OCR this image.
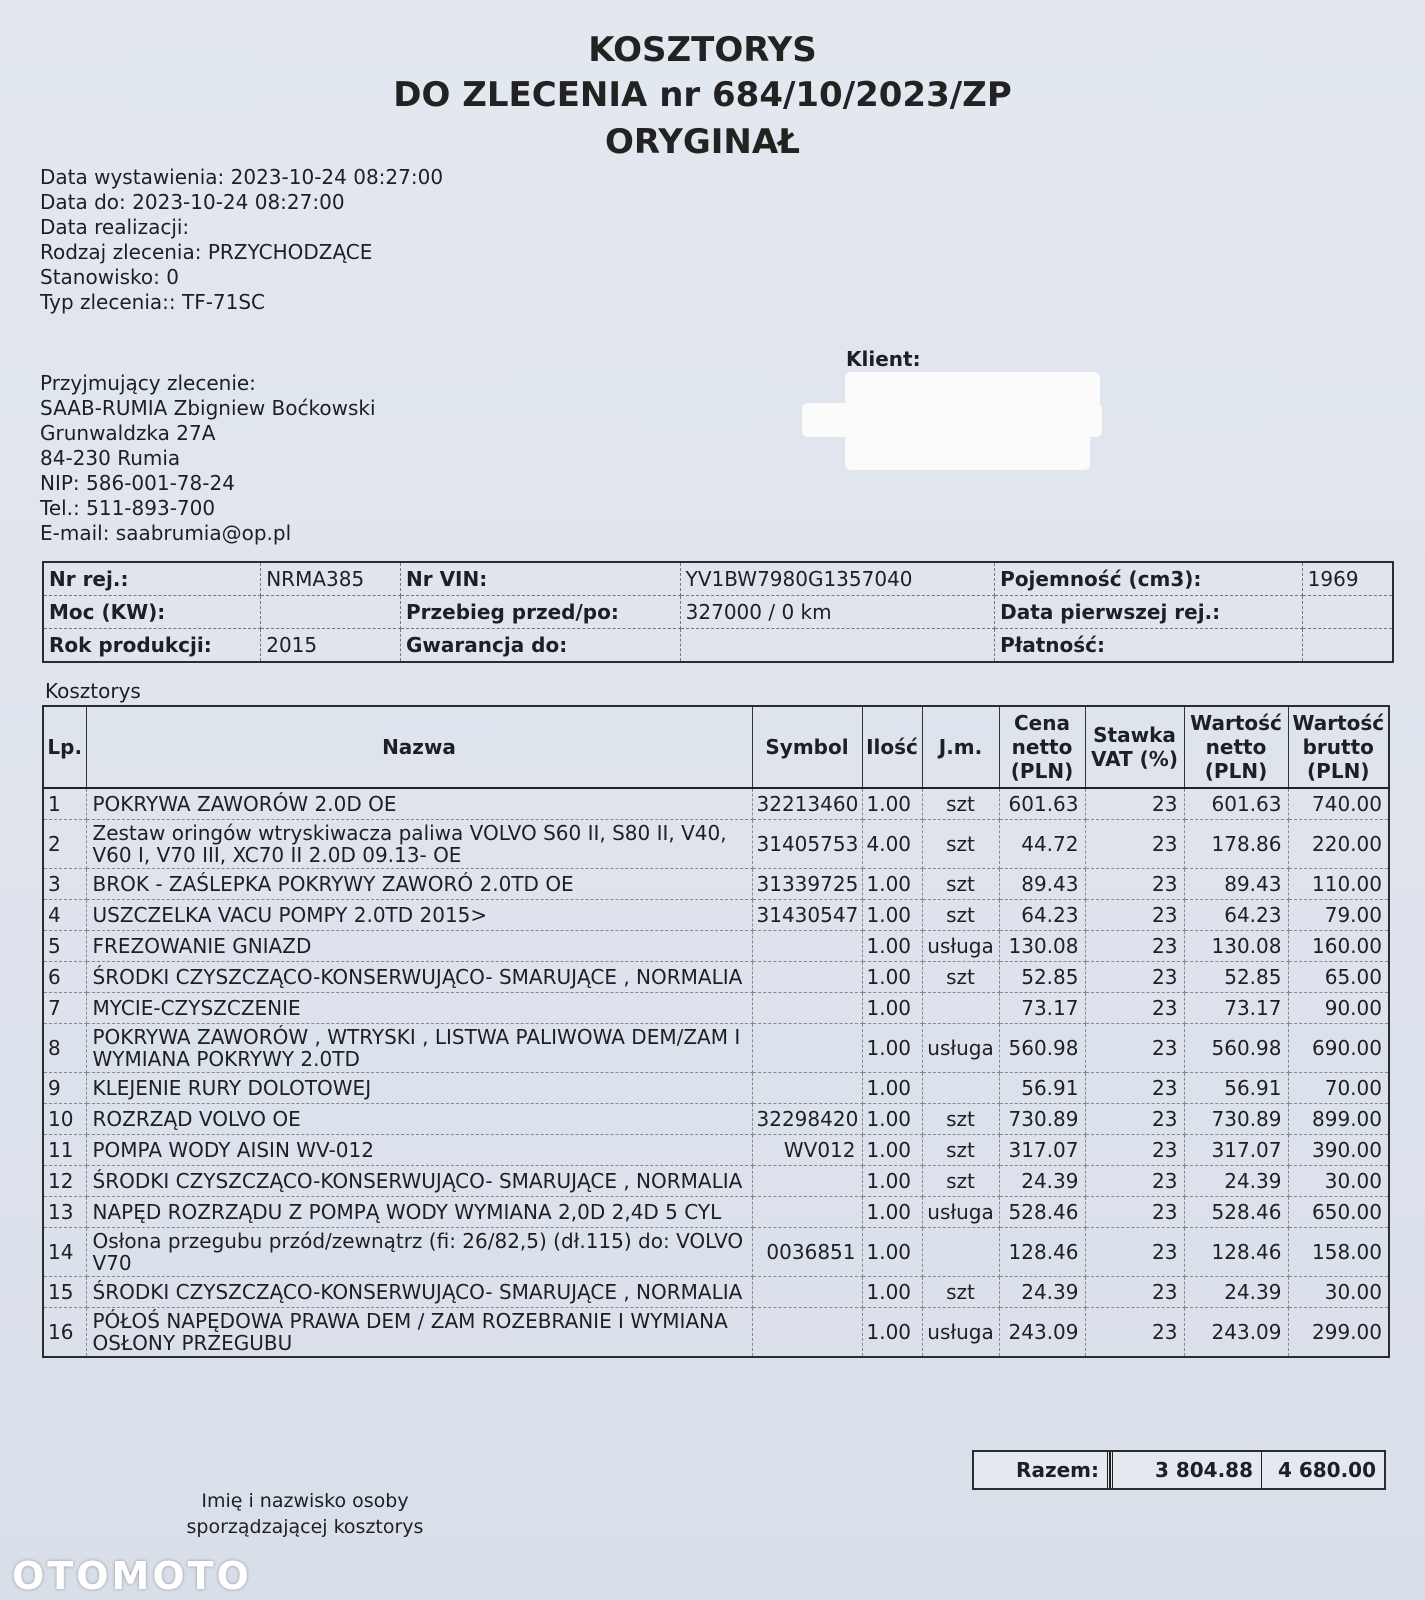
KOSZTORYS
DO ZLECENIA nr 684/10/2023/ZP
ORYGINAŁ
Data wystawienia: 2023-10-24 08:27:00
Data do: 2023-10-24 08:27:00
Data realizacji:
Rodzaj zlecenia: PRZYCHODZĄCE
Stanowisko: 0
Typ zlecenia:: TF-71SC
Przyjmujący zlecenie:
SAAB-RUMIA Zbigniew Boćkowski
Grunwaldzka 27A
84-230 Rumia
NIP: 586-001-78-24
Tel.: 511-893-700
E-mail: saabrumia@op.pl
Klient:
Nr rej.:	NRMA385	Nr VIN:	YV1BW7980G1357040	Pojemność (cm3):	1969
Moc (KW):		Przebieg przed/po:	327000 / 0 km	Data pierwszej rej.:	
Rok produkcji:	2015	Gwarancja do:		Płatność:	
Kosztorys
Lp.	Nazwa	Symbol	Ilość	J.m.	Cena netto (PLN)	Stawka VAT (%)	Wartość netto (PLN)	Wartość brutto (PLN)
1	POKRYWA ZAWORÓW 2.0D OE	32213460	1.00	szt	601.63	23	601.63	740.00
2	Zestaw oringów wtryskiwacza paliwa VOLVO S60 II, S80 II, V40, V60 I, V70 III, XC70 II 2.0D 09.13- OE	31405753	4.00	szt	44.72	23	178.86	220.00
3	BROK - ZAŚLEPKA POKRYWY ZAWORÓ 2.0TD OE	31339725	1.00	szt	89.43	23	89.43	110.00
4	USZCZELKA VACU POMPY 2.0TD 2015>	31430547	1.00	szt	64.23	23	64.23	79.00
5	FREZOWANIE GNIAZD		1.00	usługa	130.08	23	130.08	160.00
6	ŚRODKI CZYSZCZĄCO-KONSERWUJĄCO- SMARUJĄCE , NORMALIA		1.00	szt	52.85	23	52.85	65.00
7	MYCIE-CZYSZCZENIE		1.00		73.17	23	73.17	90.00
8	POKRYWA ZAWORÓW , WTRYSKI , LISTWA PALIWOWA DEM/ZAM I WYMIANA POKRYWY 2.0TD		1.00	usługa	560.98	23	560.98	690.00
9	KLEJENIE RURY DOLOTOWEJ		1.00		56.91	23	56.91	70.00
10	ROZRZĄD VOLVO OE	32298420	1.00	szt	730.89	23	730.89	899.00
11	POMPA WODY AISIN WV-012	WV012	1.00	szt	317.07	23	317.07	390.00
12	ŚRODKI CZYSZCZĄCO-KONSERWUJĄCO- SMARUJĄCE , NORMALIA		1.00	szt	24.39	23	24.39	30.00
13	NAPĘD ROZRZĄDU Z POMPĄ WODY WYMIANA 2,0D 2,4D 5 CYL		1.00	usługa	528.46	23	528.46	650.00
14	Osłona przegubu przód/zewnątrz (fi: 26/82,5) (dł.115) do: VOLVO V70	0036851	1.00		128.46	23	128.46	158.00
15	ŚRODKI CZYSZCZĄCO-KONSERWUJĄCO- SMARUJĄCE , NORMALIA		1.00	szt	24.39	23	24.39	30.00
16	PÓŁOŚ NAPĘDOWA PRAWA DEM / ZAM ROZEBRANIE I WYMIANA OSŁONY PRZEGUBU		1.00	usługa	243.09	23	243.09	299.00
Razem:	3 804.88	4 680.00
Imię i nazwisko osoby
sporządzającej kosztorys
OTOMOTO
